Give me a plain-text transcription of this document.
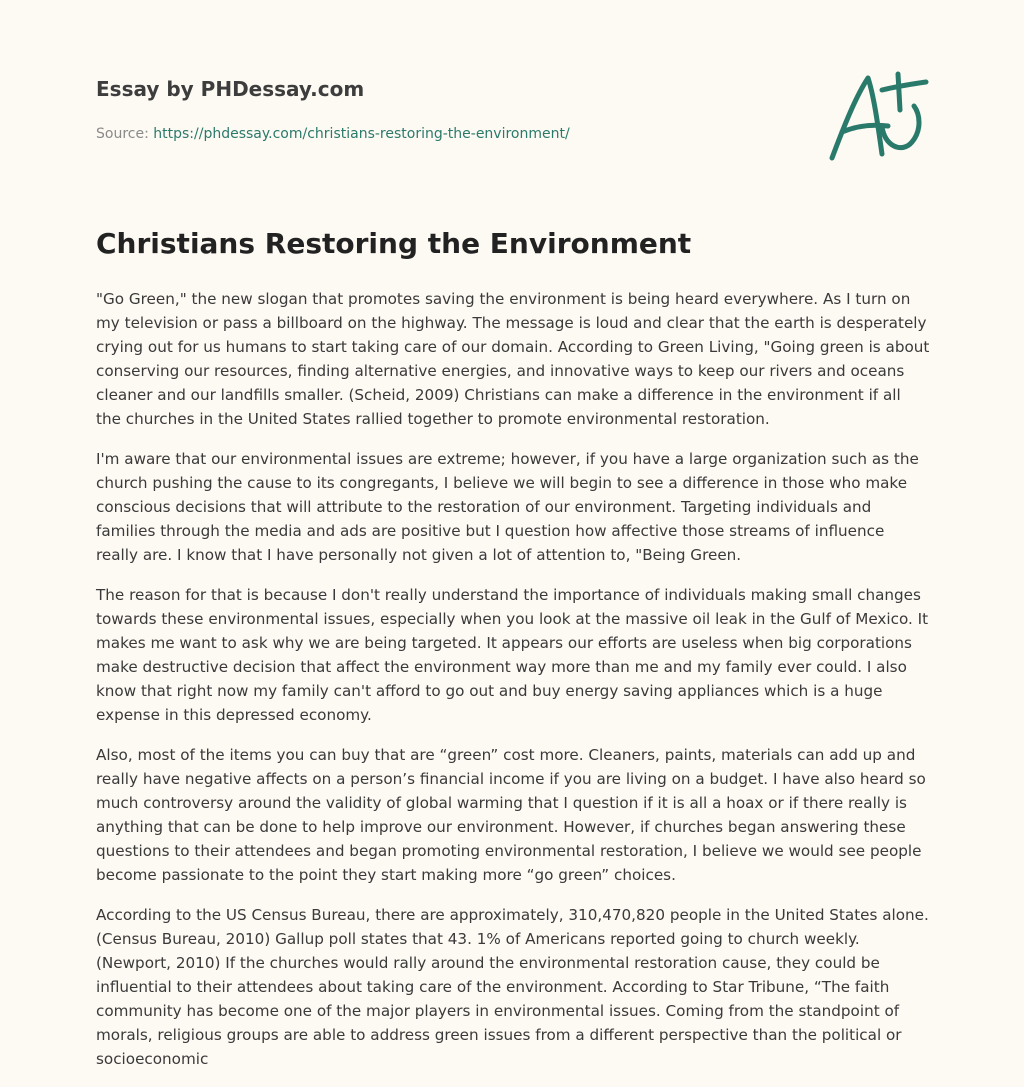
Essay by PHDessay.com
Source: https://phdessay.com/christians-restoring-the-environment/
A+
Christians Restoring the Environment

"Go Green," the new slogan that promotes saving the environment is being heard everywhere. As I turn on my television or pass a billboard on the highway. The message is loud and clear that the earth is desperately crying out for us humans to start taking care of our domain. According to Green Living, "Going green is about conserving our resources, finding alternative energies, and innovative ways to keep our rivers and oceans cleaner and our landfills smaller. (Scheid, 2009) Christians can make a difference in the environment if all the churches in the United States rallied together to promote environmental restoration.

I'm aware that our environmental issues are extreme; however, if you have a large organization such as the church pushing the cause to its congregants, I believe we will begin to see a difference in those who make conscious decisions that will attribute to the restoration of our environment. Targeting individuals and families through the media and ads are positive but I question how affective those streams of influence really are. I know that I have personally not given a lot of attention to, "Being Green.

The reason for that is because I don't really understand the importance of individuals making small changes towards these environmental issues, especially when you look at the massive oil leak in the Gulf of Mexico. It makes me want to ask why we are being targeted. It appears our efforts are useless when big corporations make destructive decision that affect the environment way more than me and my family ever could. I also know that right now my family can't afford to go out and buy energy saving appliances which is a huge expense in this depressed economy.

Also, most of the items you can buy that are “green” cost more. Cleaners, paints, materials can add up and really have negative affects on a person’s financial income if you are living on a budget. I have also heard so much controversy around the validity of global warming that I question if it is all a hoax or if there really is anything that can be done to help improve our environment. However, if churches began answering these questions to their attendees and began promoting environmental restoration, I believe we would see people become passionate to the point they start making more “go green” choices.

According to the US Census Bureau, there are approximately, 310,470,820 people in the United States alone. (Census Bureau, 2010) Gallup poll states that 43. 1% of Americans reported going to church weekly. (Newport, 2010) If the churches would rally around the environmental restoration cause, they could be influential to their attendees about taking care of the environment. According to Star Tribune, “The faith community has become one of the major players in environmental issues. Coming from the standpoint of morals, religious groups are able to address green issues from a different perspective than the political or socioeconomic
